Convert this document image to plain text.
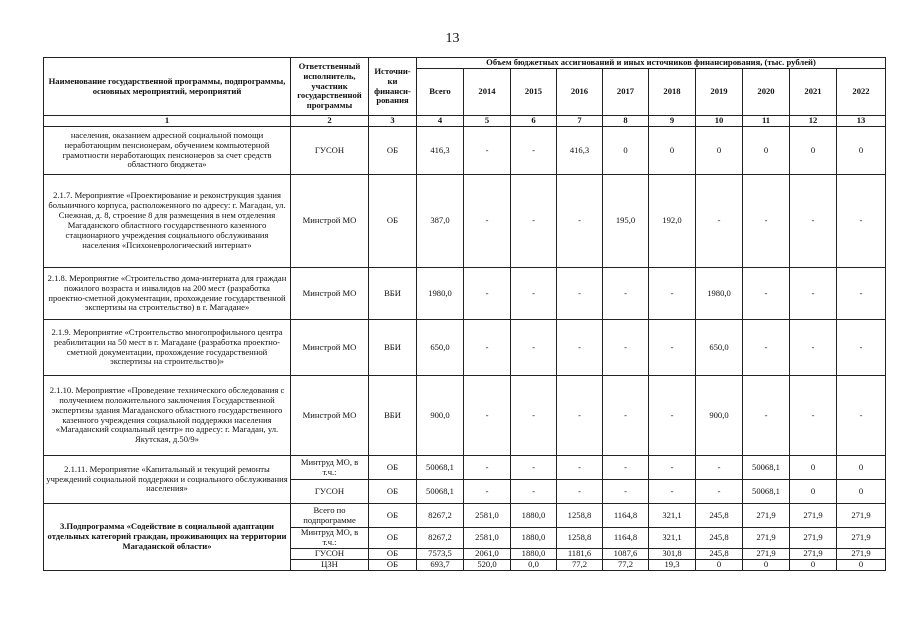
13
Наименование государственной программы, подпрограммы, основных мероприятий, мероприятий	Ответственный исполнитель, участник государственной программы	Источни-ки финанси-рования	Объем бюджетных ассигнований и иных источников финансирования, (тыс. рублей)									
			Всего	2014	2015	2016	2017	2018	2019	2020	2021	2022
1	2	3	4	5	6	7	8	9	10	11	12	13
населения, оказанием адресной социальной помощи неработающим пенсионерам, обучением компьютерной грамотности неработающих пенсионеров за счет средств областного бюджета»	ГУСОН	ОБ	416,3	-	-	416,3	0	0	0	0	0	0
2.1.7. Мероприятие «Проектирование и реконструкция здания больничного корпуса, расположенного по адресу: г. Магадан, ул. Снежная, д. 8, строение 8 для размещения в нем отделения Магаданского областного государственного казенного стационарного учреждения социального обслуживания населения «Психоневрологический интернат»	Минстрой МО	ОБ	387,0	-	-	-	195,0	192,0	-	-	-	-
2.1.8. Мероприятие «Строительство дома-интерната для граждан пожилого возраста и инвалидов на 200 мест (разработка проектно-сметной документации, прохождение государственной экспертизы на строительство) в г. Магадане»	Минстрой МО	ВБИ	1980,0	-	-	-	-	-	1980,0	-	-	-
2.1.9. Мероприятие «Строительство многопрофильного центра реабилитации на 50 мест в г. Магадане (разработка проектно-сметной документации, прохождение государственной экспертизы на строительство)»	Минстрой МО	ВБИ	650,0	-	-	-	-	-	650,0	-	-	-
2.1.10. Мероприятие «Проведение технического обследования с получением положительного заключения Государственной экспертизы здания Магаданского областного государственного казенного учреждения социальной поддержки населения «Магаданский социальный центр» по адресу: г. Магадан, ул. Якутская, д.50/9»	Минстрой МО	ВБИ	900,0	-	-	-	-	-	900,0	-	-	-
2.1.11. Мероприятие «Капитальный и текущий ремонты учреждений социальной поддержки и социального обслуживания населения»	Минтруд МО, в т.ч.:	ОБ	50068,1	-	-	-	-	-	-	50068,1	0	0
	ГУСОН	ОБ	50068,1	-	-	-	-	-	-	50068,1	0	0
3.Подпрограмма «Содействие в социальной адаптации отдельных категорий граждан, проживающих на территории Магаданской области»	Всего по подпрограмме	ОБ	8267,2	2581,0	1880,0	1258,8	1164,8	321,1	245,8	271,9	271,9	271,9
	Минтруд МО, в т.ч.:	ОБ	8267,2	2581,0	1880,0	1258,8	1164,8	321,1	245,8	271,9	271,9	271,9
	ГУСОН	ОБ	7573,5	2061,0	1880,0	1181,6	1087,6	301,8	245,8	271,9	271,9	271,9
	ЦЗН	ОБ	693,7	520,0	0,0	77,2	77,2	19,3	0	0	0	0
